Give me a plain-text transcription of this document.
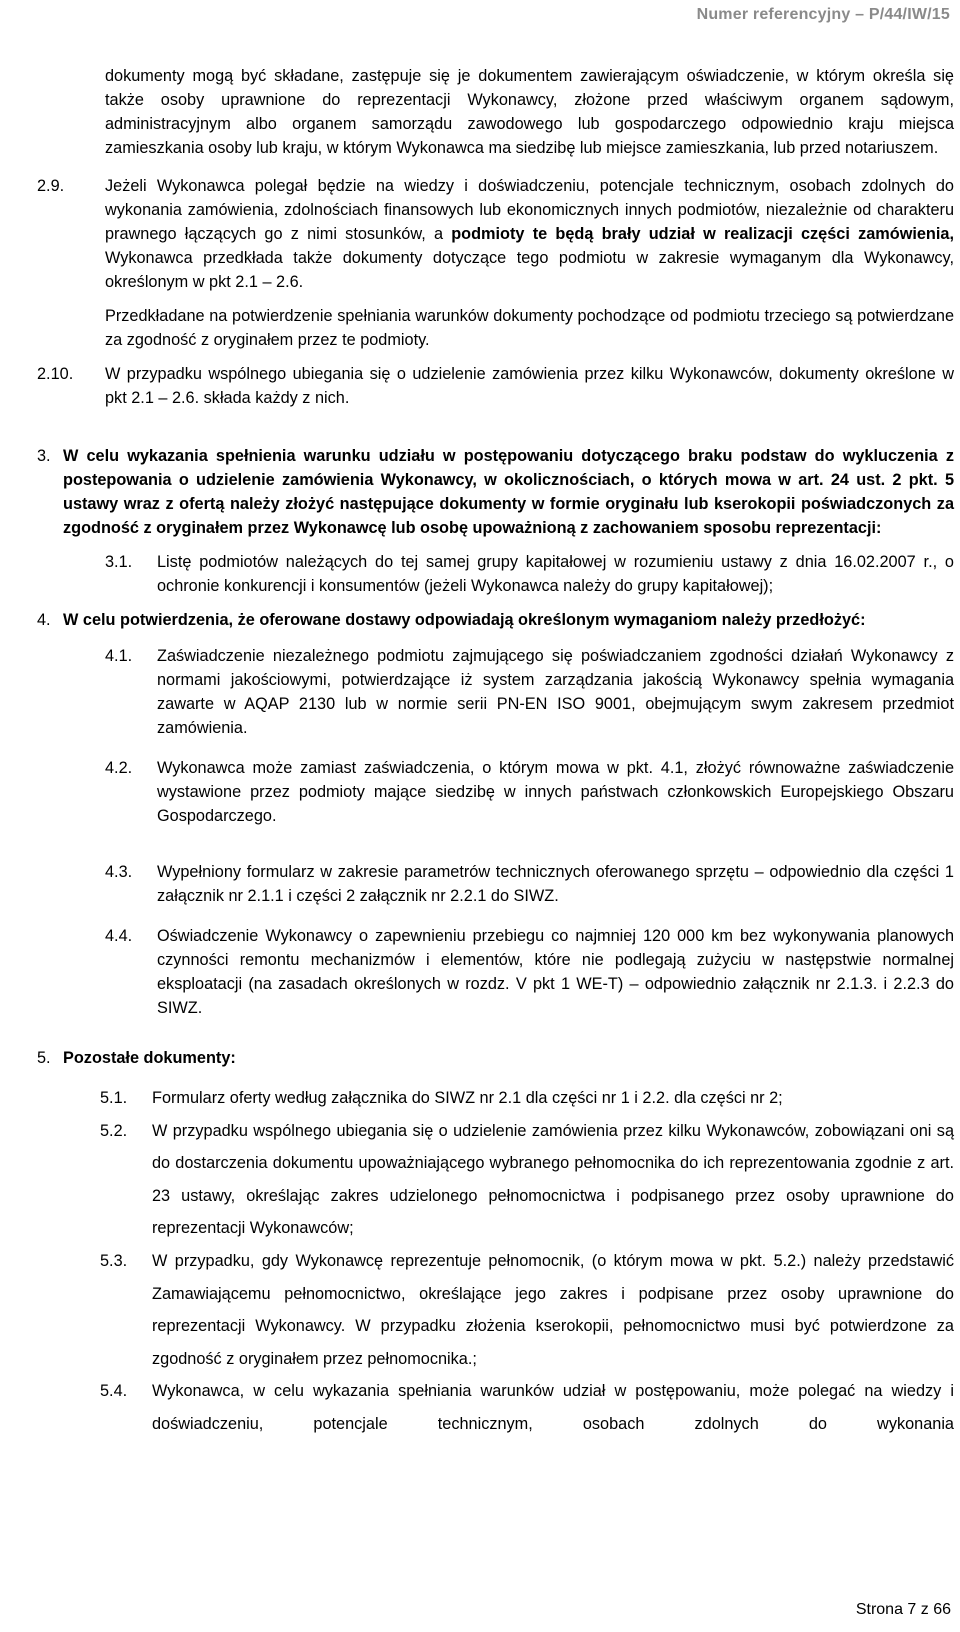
Numer referencyjny – P/44/IW/15

dokumenty mogą być składane, zastępuje się je dokumentem zawierającym oświadczenie, w którym określa się także osoby uprawnione do reprezentacji Wykonawcy, złożone przed właściwym organem sądowym, administracyjnym albo organem samorządu zawodowego lub gospodarczego odpowiednio kraju miejsca zamieszkania osoby lub kraju, w którym Wykonawca ma siedzibę lub miejsce zamieszkania, lub przed notariuszem.

2.9.	Jeżeli Wykonawca polegał będzie na wiedzy i doświadczeniu, potencjale technicznym, osobach zdolnych do wykonania zamówienia, zdolnościach finansowych lub ekonomicznych innych podmiotów, niezależnie od charakteru prawnego łączących go z nimi stosunków, a podmioty te będą brały udział w realizacji części zamówienia, Wykonawca przedkłada także dokumenty dotyczące tego podmiotu w zakresie wymaganym dla Wykonawcy, określonym w pkt 2.1 – 2.6.

Przedkładane na potwierdzenie spełniania warunków dokumenty pochodzące od podmiotu trzeciego są potwierdzane za zgodność z oryginałem przez te podmioty.

2.10.	W przypadku wspólnego ubiegania się o udzielenie zamówienia przez kilku Wykonawców, dokumenty określone w pkt 2.1 – 2.6. składa każdy z nich.

3. W celu wykazania spełnienia warunku udziału w postępowaniu dotyczącego braku podstaw do wykluczenia z postepowania o udzielenie zamówienia Wykonawcy, w okolicznościach, o których mowa w art. 24 ust. 2 pkt. 5 ustawy wraz z ofertą należy złożyć następujące dokumenty w formie oryginału lub kserokopii poświadczonych za zgodność z oryginałem przez Wykonawcę lub osobę upoważnioną z zachowaniem sposobu reprezentacji:

3.1.	Listę podmiotów należących do tej samej grupy kapitałowej w rozumieniu ustawy z dnia 16.02.2007 r., o ochronie konkurencji i konsumentów (jeżeli Wykonawca należy do grupy kapitałowej);

4. W celu potwierdzenia, że oferowane dostawy odpowiadają określonym wymaganiom należy przedłożyć:

4.1.	Zaświadczenie niezależnego podmiotu zajmującego się poświadczaniem zgodności działań Wykonawcy z normami jakościowymi, potwierdzające iż system zarządzania jakością Wykonawcy spełnia wymagania zawarte w AQAP 2130 lub w normie serii PN-EN ISO 9001, obejmującym swym zakresem przedmiot zamówienia.

4.2.	Wykonawca może zamiast zaświadczenia, o którym mowa w pkt. 4.1, złożyć równoważne zaświadczenie wystawione przez podmioty mające siedzibę w innych państwach członkowskich Europejskiego Obszaru Gospodarczego.

4.3.	Wypełniony formularz w zakresie parametrów technicznych oferowanego sprzętu – odpowiednio dla części 1 załącznik nr 2.1.1 i części 2 załącznik nr 2.2.1 do SIWZ.

4.4.	Oświadczenie Wykonawcy o zapewnieniu przebiegu co najmniej 120 000 km bez wykonywania planowych czynności remontu mechanizmów i elementów, które nie podlegają zużyciu w następstwie normalnej eksploatacji (na zasadach określonych w rozdz. V pkt 1 WE-T) – odpowiednio załącznik nr 2.1.3. i 2.2.3 do SIWZ.

5. Pozostałe dokumenty:

5.1.	Formularz oferty według załącznika do SIWZ nr 2.1 dla części nr 1 i 2.2. dla części nr 2;

5.2.	W przypadku wspólnego ubiegania się o udzielenie zamówienia przez kilku Wykonawców, zobowiązani oni są do dostarczenia dokumentu upoważniającego wybranego pełnomocnika do ich reprezentowania zgodnie z art. 23 ustawy, określając zakres udzielonego pełnomocnictwa i podpisanego przez osoby uprawnione do reprezentacji Wykonawców;

5.3.	W przypadku, gdy Wykonawcę reprezentuje pełnomocnik, (o którym mowa w pkt. 5.2.) należy przedstawić Zamawiającemu pełnomocnictwo, określające jego zakres i podpisane przez osoby uprawnione do reprezentacji Wykonawcy. W przypadku złożenia kserokopii, pełnomocnictwo musi być potwierdzone za zgodność z oryginałem przez pełnomocnika.;

5.4.	Wykonawca, w celu wykazania spełniania warunków udział w postępowaniu, może polegać na wiedzy i doświadczeniu, potencjale technicznym, osobach zdolnych do wykonania

Strona 7 z 66
